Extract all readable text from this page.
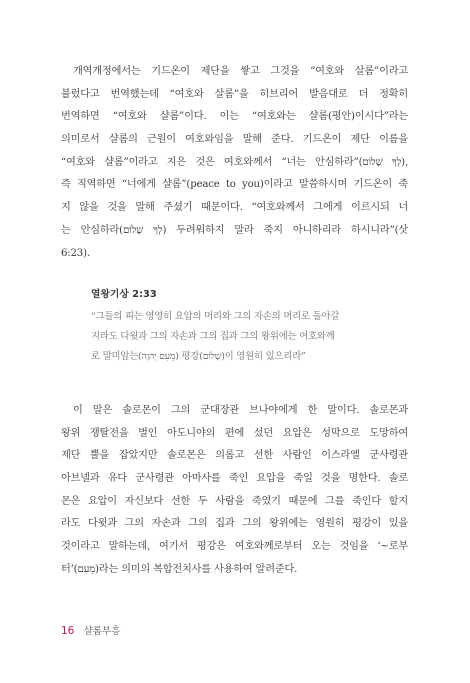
개역개정에서는 기드온이 제단을 쌓고 그것을 “여호와 살롬”이라고
불렀다고 번역했는데 “여호와 살롬”을 히브리어 발음대로 더 정확히
번역하면 “여호와 샬롬”이다. 이는 “여호와는 샬롬(평안)이시다”라는
의미로서 샬롬의 근원이 여호와임을 말해 준다. 기드온이 제단 이름을
“여호와 샬롬”이라고 지은 것은 여호와께서 “너는 안심하라”(לְךָ שָׁלוֹם),
즉 직역하면 “너에게 샬롬”(peace to you)이라고 말씀하시며 기드온이 죽
지 않을 것을 말해 주셨기 때문이다. “여호와께서 그에게 이르시되 너
는 안심하라(לְךָ שָׁלוֹם) 두려워하지 말라 죽지 아니하리라 하시니라”(삿
6:23).
열왕기상 2:33
“그들의 피는 영영히 요압의 머리와 그의 자손의 머리로 돌아갈
지라도 다윗과 그의 자손과 그의 집과 그의 왕위에는 여호와께
로 말미암는(מֵעִם יְהוָה) 평강(שָׁלוֹם)이 영원히 있으리라”
이 말은 솔로몬이 그의 군대장관 브나야에게 한 말이다. 솔로몬과
왕위 쟁탈전을 벌인 아도니야의 편에 섰던 요압은 성막으로 도망하여
제단 뿔을 잡았지만 솔로몬은 의롭고 선한 사람인 이스라엘 군사령관
아브넬과 유다 군사령관 아마사를 죽인 요압을 죽일 것을 명한다. 솔로
몬은 요압이 자신보다 선한 두 사람을 죽였기 때문에 그를 죽인다 할지
라도 다윗과 그의 자손과 그의 집과 그의 왕위에는 영원히 평강이 있을
것이라고 말하는데, 여기서 평강은 여호와께로부터 오는 것임을 ‘~로부
터’(מֵעִם)라는 의미의 복합전치사를 사용하여 알려준다.
16 샬롬부흥
